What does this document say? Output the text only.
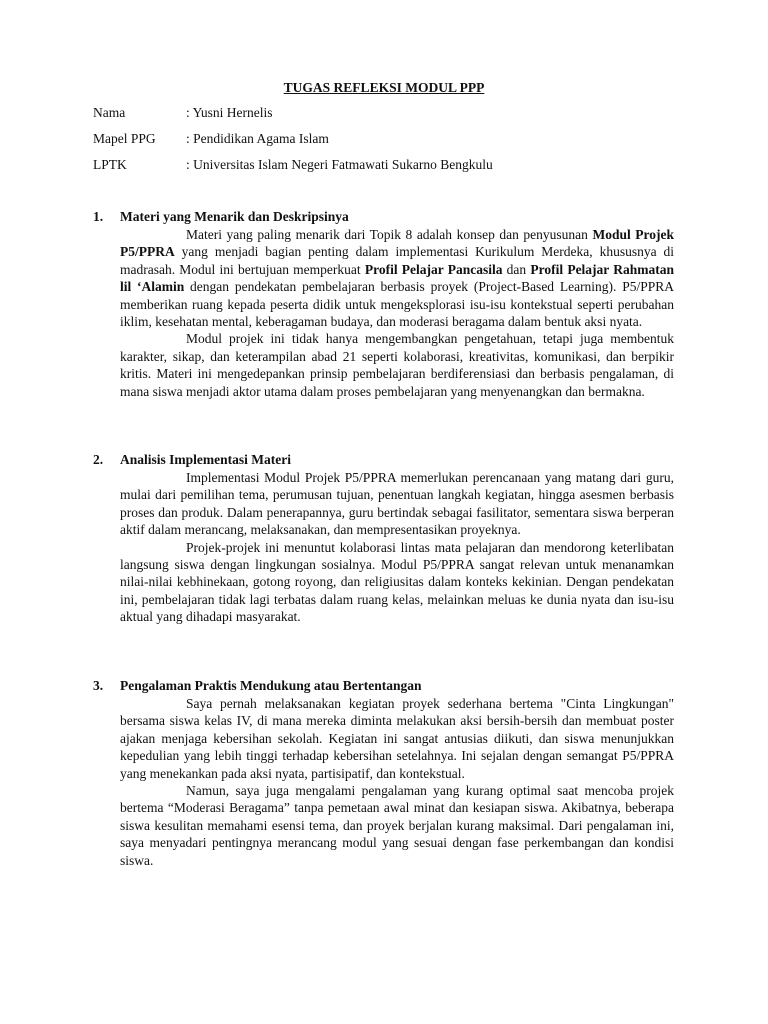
TUGAS REFLEKSI MODUL PPP
Nama	: Yusni Hernelis
Mapel PPG : Pendidikan Agama Islam
LPTK	: Universitas Islam Negeri Fatmawati Sukarno Bengkulu
1. Materi yang Menarik dan Deskripsinya

Materi yang paling menarik dari Topik 8 adalah konsep dan penyusunan Modul Projek P5/PPRA yang menjadi bagian penting dalam implementasi Kurikulum Merdeka, khususnya di madrasah. Modul ini bertujuan memperkuat Profil Pelajar Pancasila dan Profil Pelajar Rahmatan lil ‘Alamin dengan pendekatan pembelajaran berbasis proyek (Project-Based Learning). P5/PPRA memberikan ruang kepada peserta didik untuk mengeksplorasi isu-isu kontekstual seperti perubahan iklim, kesehatan mental, keberagaman budaya, dan moderasi beragama dalam bentuk aksi nyata.

Modul projek ini tidak hanya mengembangkan pengetahuan, tetapi juga membentuk karakter, sikap, dan keterampilan abad 21 seperti kolaborasi, kreativitas, komunikasi, dan berpikir kritis. Materi ini mengedepankan prinsip pembelajaran berdiferensiasi dan berbasis pengalaman, di mana siswa menjadi aktor utama dalam proses pembelajaran yang menyenangkan dan bermakna.

2. Analisis Implementasi Materi

Implementasi Modul Projek P5/PPRA memerlukan perencanaan yang matang dari guru, mulai dari pemilihan tema, perumusan tujuan, penentuan langkah kegiatan, hingga asesmen berbasis proses dan produk. Dalam penerapannya, guru bertindak sebagai fasilitator, sementara siswa berperan aktif dalam merancang, melaksanakan, dan mempresentasikan proyeknya.

Projek-projek ini menuntut kolaborasi lintas mata pelajaran dan mendorong keterlibatan langsung siswa dengan lingkungan sosialnya. Modul P5/PPRA sangat relevan untuk menanamkan nilai-nilai kebhinekaan, gotong royong, dan religiusitas dalam konteks kekinian. Dengan pendekatan ini, pembelajaran tidak lagi terbatas dalam ruang kelas, melainkan meluas ke dunia nyata dan isu-isu aktual yang dihadapi masyarakat.

3. Pengalaman Praktis Mendukung atau Bertentangan

Saya pernah melaksanakan kegiatan proyek sederhana bertema "Cinta Lingkungan" bersama siswa kelas IV, di mana mereka diminta melakukan aksi bersih-bersih dan membuat poster ajakan menjaga kebersihan sekolah. Kegiatan ini sangat antusias diikuti, dan siswa menunjukkan kepedulian yang lebih tinggi terhadap kebersihan setelahnya. Ini sejalan dengan semangat P5/PPRA yang menekankan pada aksi nyata, partisipatif, dan kontekstual.

Namun, saya juga mengalami pengalaman yang kurang optimal saat mencoba projek bertema “Moderasi Beragama” tanpa pemetaan awal minat dan kesiapan siswa. Akibatnya, beberapa siswa kesulitan memahami esensi tema, dan proyek berjalan kurang maksimal. Dari pengalaman ini, saya menyadari pentingnya merancang modul yang sesuai dengan fase perkembangan dan kondisi siswa.
